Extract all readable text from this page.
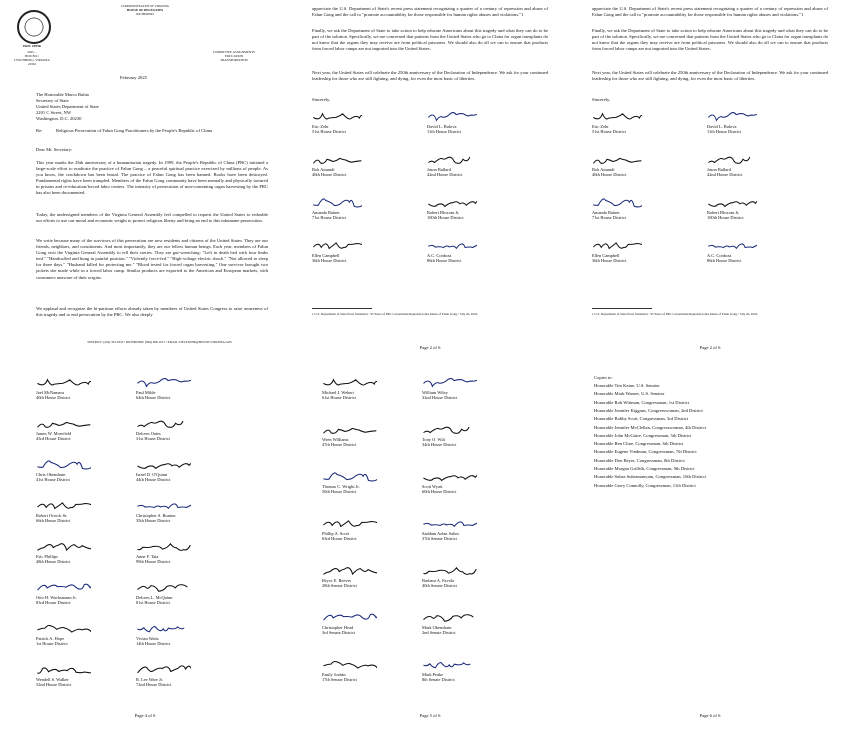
ERIC ZEHR
2045 ...
BOX 8611
LYNCHBURG, VIRGINIA 24502
COMMONWEALTH OF VIRGINIA
HOUSE OF DELEGATES
RICHMOND
COMMITTEE ASSIGNMENTS
EDUCATION
TRANSPORTATION
February 2025
The Honorable Marco Rubio
Secretary of State
United States Department of State
2201 C Street, NW
Washington, D.C. 20230
Re:	Religious Persecution of Falun Gong Practitioners by the People's Republic of China
Dear Mr. Secretary:
This year marks the 26th anniversary of a humanitarian tragedy. In 1999, the People's Republic of China (PRC) initiated a large-scale effort to eradicate the practice of Falun Gong – a peaceful spiritual practice exercised by millions of people. As you know, the crackdown has been brutal. The practice of Falun Gong has been banned. Books have been destroyed. Fundamental rights have been trampled. Members of the Falun Gong community have been mentally and physically tortured in prisons and re-education/forced labor centers. The intensity of persecution of non-consenting organ harvesting by the PRC has also been documented.
Today, the undersigned members of the Virginia General Assembly feel compelled to request the United States to redouble our efforts to use our moral and economic weight to protect religious liberty and bring an end to this inhumane persecution.
We write because many of the survivors of this persecution are now residents and citizens of the United States. They are our friends, neighbors, and constituents. And most importantly, they are our fellow human beings. Each year, members of Falun Gong visit the Virginia General Assembly to tell their stories. They are gut-wrenching: "Left in death bed with four limbs tied." "Handcuffed and hung in painful position." "Violently force-fed." "High-voltage electric shock." "Not allowed to sleep for three days." "Husband killed for protecting me." "Blood tested for forced organ harvesting." One survivor brought two jackets she made while in a forced labor camp. Similar products are exported to the American and European markets, with consumers unaware of their origins.
We applaud and recognize the bi-partisan efforts already taken by members of United States Congress to raise awareness of this tragedy and to end persecution by the PRC. We also deeply
DISTRICT: (434) 333-6333 • RICHMOND: (804) 698-1051 • EMAIL: DELEZEHR@HOUSE.VIRGINIA.GOV
appreciate the U.S. Department of State's recent press statement recognizing a quarter of a century of repression and abuse of Falun Gong and the call to "promote accountability for those responsible for human rights abuses and violations."1
Finally, we ask the Department of State to take action to help educate Americans about this tragedy and what they can do to be part of the solution. Specifically, we are concerned that patients from the United States who go to China for organ transplants do not know that the organs they may receive are from political prisoners. We should also do all we can to ensure that products from forced labor camps are not imported into the United States.
Next year, the United States will celebrate the 250th anniversary of the Declaration of Independence. We ask for your continued leadership for those who are still fighting, and dying, for even the most basic of liberties.
Sincerely,
Eric Zehr
51st House District
David L. Bulova
11th House District
Bob Amundi
46th House District
Jason Ballard
42nd House District
Amanda Batten
71st House District
Robert Bloxom Jr.
100th House District
Ellen Campbell
36th House District
A.C. Cordoza
86th House District
1 U.S. Department of State Press Statement, "25 Years of PRC Government Repression and Abuse of Falun Gong," July 20, 2024.
Page 2 of 6
appreciate the U.S. Department of State's recent press statement recognizing a quarter of a century of repression and abuse of Falun Gong and the call to "promote accountability for those responsible for human rights abuses and violations."1
Finally, we ask the Department of State to take action to help educate Americans about this tragedy and what they can do to be part of the solution. Specifically, we are concerned that patients from the United States who go to China for organ transplants do not know that the organs they may receive are from political prisoners. We should also do all we can to ensure that products from forced labor camps are not imported into the United States.
Next year, the United States will celebrate the 250th anniversary of the Declaration of Independence. We ask for your continued leadership for those who are still fighting, and dying, for even the most basic of liberties.
Sincerely,
Eric Zehr
51st House District
David L. Bulova
11th House District
Bob Amundi
46th House District
Jason Ballard
42nd House District
Amanda Batten
71st House District
Robert Bloxom Jr.
100th House District
Ellen Campbell
36th House District
A.C. Cordoza
86th House District
1 U.S. Department of State Press Statement, "25 Years of PRC Government Repression and Abuse of Falun Gong," July 20, 2024.
Page 2 of 6
Joel McNamara
40th House District
Paul Milde
64th House District
James W. Morefield
43rd House District
Delores Oates
31st House District
Chris Obenshain
41st House District
Israel D. O'Quinn
44th House District
Robert Orrock Sr.
66th House District
Christopher S. Runion
35th House District
Eric Phillips
48th House District
Anne F. Tata
99th House District
Otto H. Wachsmann Jr.
83rd House District
Delores L. McQuinn
81st House District
Patrick A. Hope
1st House District
Vivian Watts
14th House District
Wendell S. Walker
52nd House District
R. Lee Ware Jr.
72nd House District
Page 4 of 6
Michael J. Webert
61st House District
William Wiley
32nd House District
Wren Williams
47th House District
Tony O. Wilt
34th House District
Thomas C. Wright Jr.
50th House District
Scott Wyatt
60th House District
Phillip A. Scott
63rd House District
Saddam Azlan Salim
37th Senate District
Bryce E. Reeves
28th Senate District
Barbara A. Favola
40th Senate District
Christopher Head
3rd Senate District
Mark Obenshain
2nd Senate District
Emily Jordan
17th Senate District
Mark Peake
8th Senate District
Page 5 of 6
Copies to:
Honorable Tim Kaine, U.S. Senator
Honorable Mark Warner, U.S. Senator
Honorable Rob Wittman, Congressman, 1st District
Honorable Jennifer Kiggans, Congresswoman, 2nd District
Honorable Bobby Scott, Congressman, 3rd District
Honorable Jennifer McClellan, Congresswoman, 4th District
Honorable John McGuire, Congressman, 5th District
Honorable Ben Cline, Congressman, 6th District
Honorable Eugene Vindman, Congressman, 7th District
Honorable Don Beyer, Congressman, 8th District
Honorable Morgan Griffith, Congressman, 9th District
Honorable Suhas Subramanyam, Congressman, 10th District
Honorable Gerry Connolly, Congressman, 11th District
Page 6 of 6
